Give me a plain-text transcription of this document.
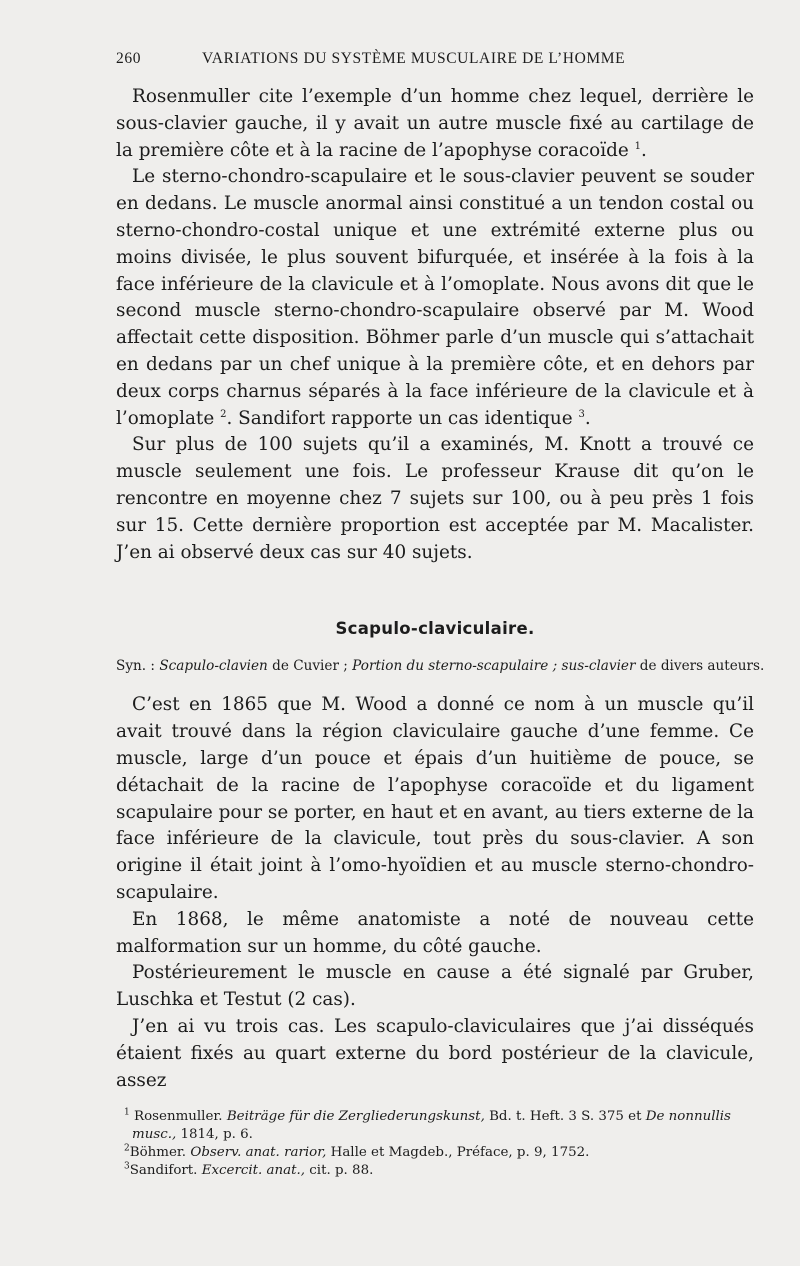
260	VARIATIONS DU SYSTÈME MUSCULAIRE DE L’HOMME

Rosenmuller cite l’exemple d’un homme chez lequel, derrière le sous-clavier gauche, il y avait un autre muscle fixé au cartilage de la première côte et à la racine de l’apophyse coracoïde $^1$.

Le sterno-chondro-scapulaire et le sous-clavier peuvent se souder en dedans. Le muscle anormal ainsi constitué a un tendon costal ou sterno-chondro-costal unique et une extrémité externe plus ou moins divisée, le plus souvent bifurquée, et insérée à la fois à la face inférieure de la clavicule et à l’omoplate. Nous avons dit que le second muscle sterno-chondro-scapulaire observé par M. Wood affectait cette disposition. Böhmer parle d’un muscle qui s’attachait en dedans par un chef unique à la première côte, et en dehors par deux corps charnus séparés à la face inférieure de la clavicule et à l’omoplate $^2$. Sandifort rapporte un cas identique $^3$.

Sur plus de 100 sujets qu’il a examinés, M. Knott a trouvé ce muscle seulement une fois. Le professeur Krause dit qu’on le rencontre en moyenne chez 7 sujets sur 100, ou à peu près 1 fois sur 15. Cette dernière proportion est acceptée par M. Macalister. J’en ai observé deux cas sur 40 sujets.

Scapulo-claviculaire.
Syn. : Scapulo-clavien de Cuvier ; Portion du sterno-scapulaire ; sus-clavier de divers auteurs.

C’est en 1865 que M. Wood a donné ce nom à un muscle qu’il avait trouvé dans la région claviculaire gauche d’une femme. Ce muscle, large d’un pouce et épais d’un huitième de pouce, se détachait de la racine de l’apophyse coracoïde et du ligament scapulaire pour se porter, en haut et en avant, au tiers externe de la face inférieure de la clavicule, tout près du sous-clavier. A son origine il était joint à l’omo-hyoïdien et au muscle sterno-chondro-scapulaire.

En 1868, le même anatomiste a noté de nouveau cette malformation sur un homme, du côté gauche.

Postérieurement le muscle en cause a été signalé par Gruber, Luschka et Testut (2 cas).

J’en ai vu trois cas. Les scapulo-claviculaires que j’ai disséqués étaient fixés au quart externe du bord postérieur de la clavicule, assez

$^1$ Rosenmuller. Beiträge für die Zergliederungskunst, Bd. t. Heft. 3 S. 375 et De nonnullis musc., 1814, p. 6.
$^2$Böhmer. Observ. anat. rarior, Halle et Magdeb., Préface, p. 9, 1752.
$^3$Sandifort. Excercit. anat., cit. p. 88.
